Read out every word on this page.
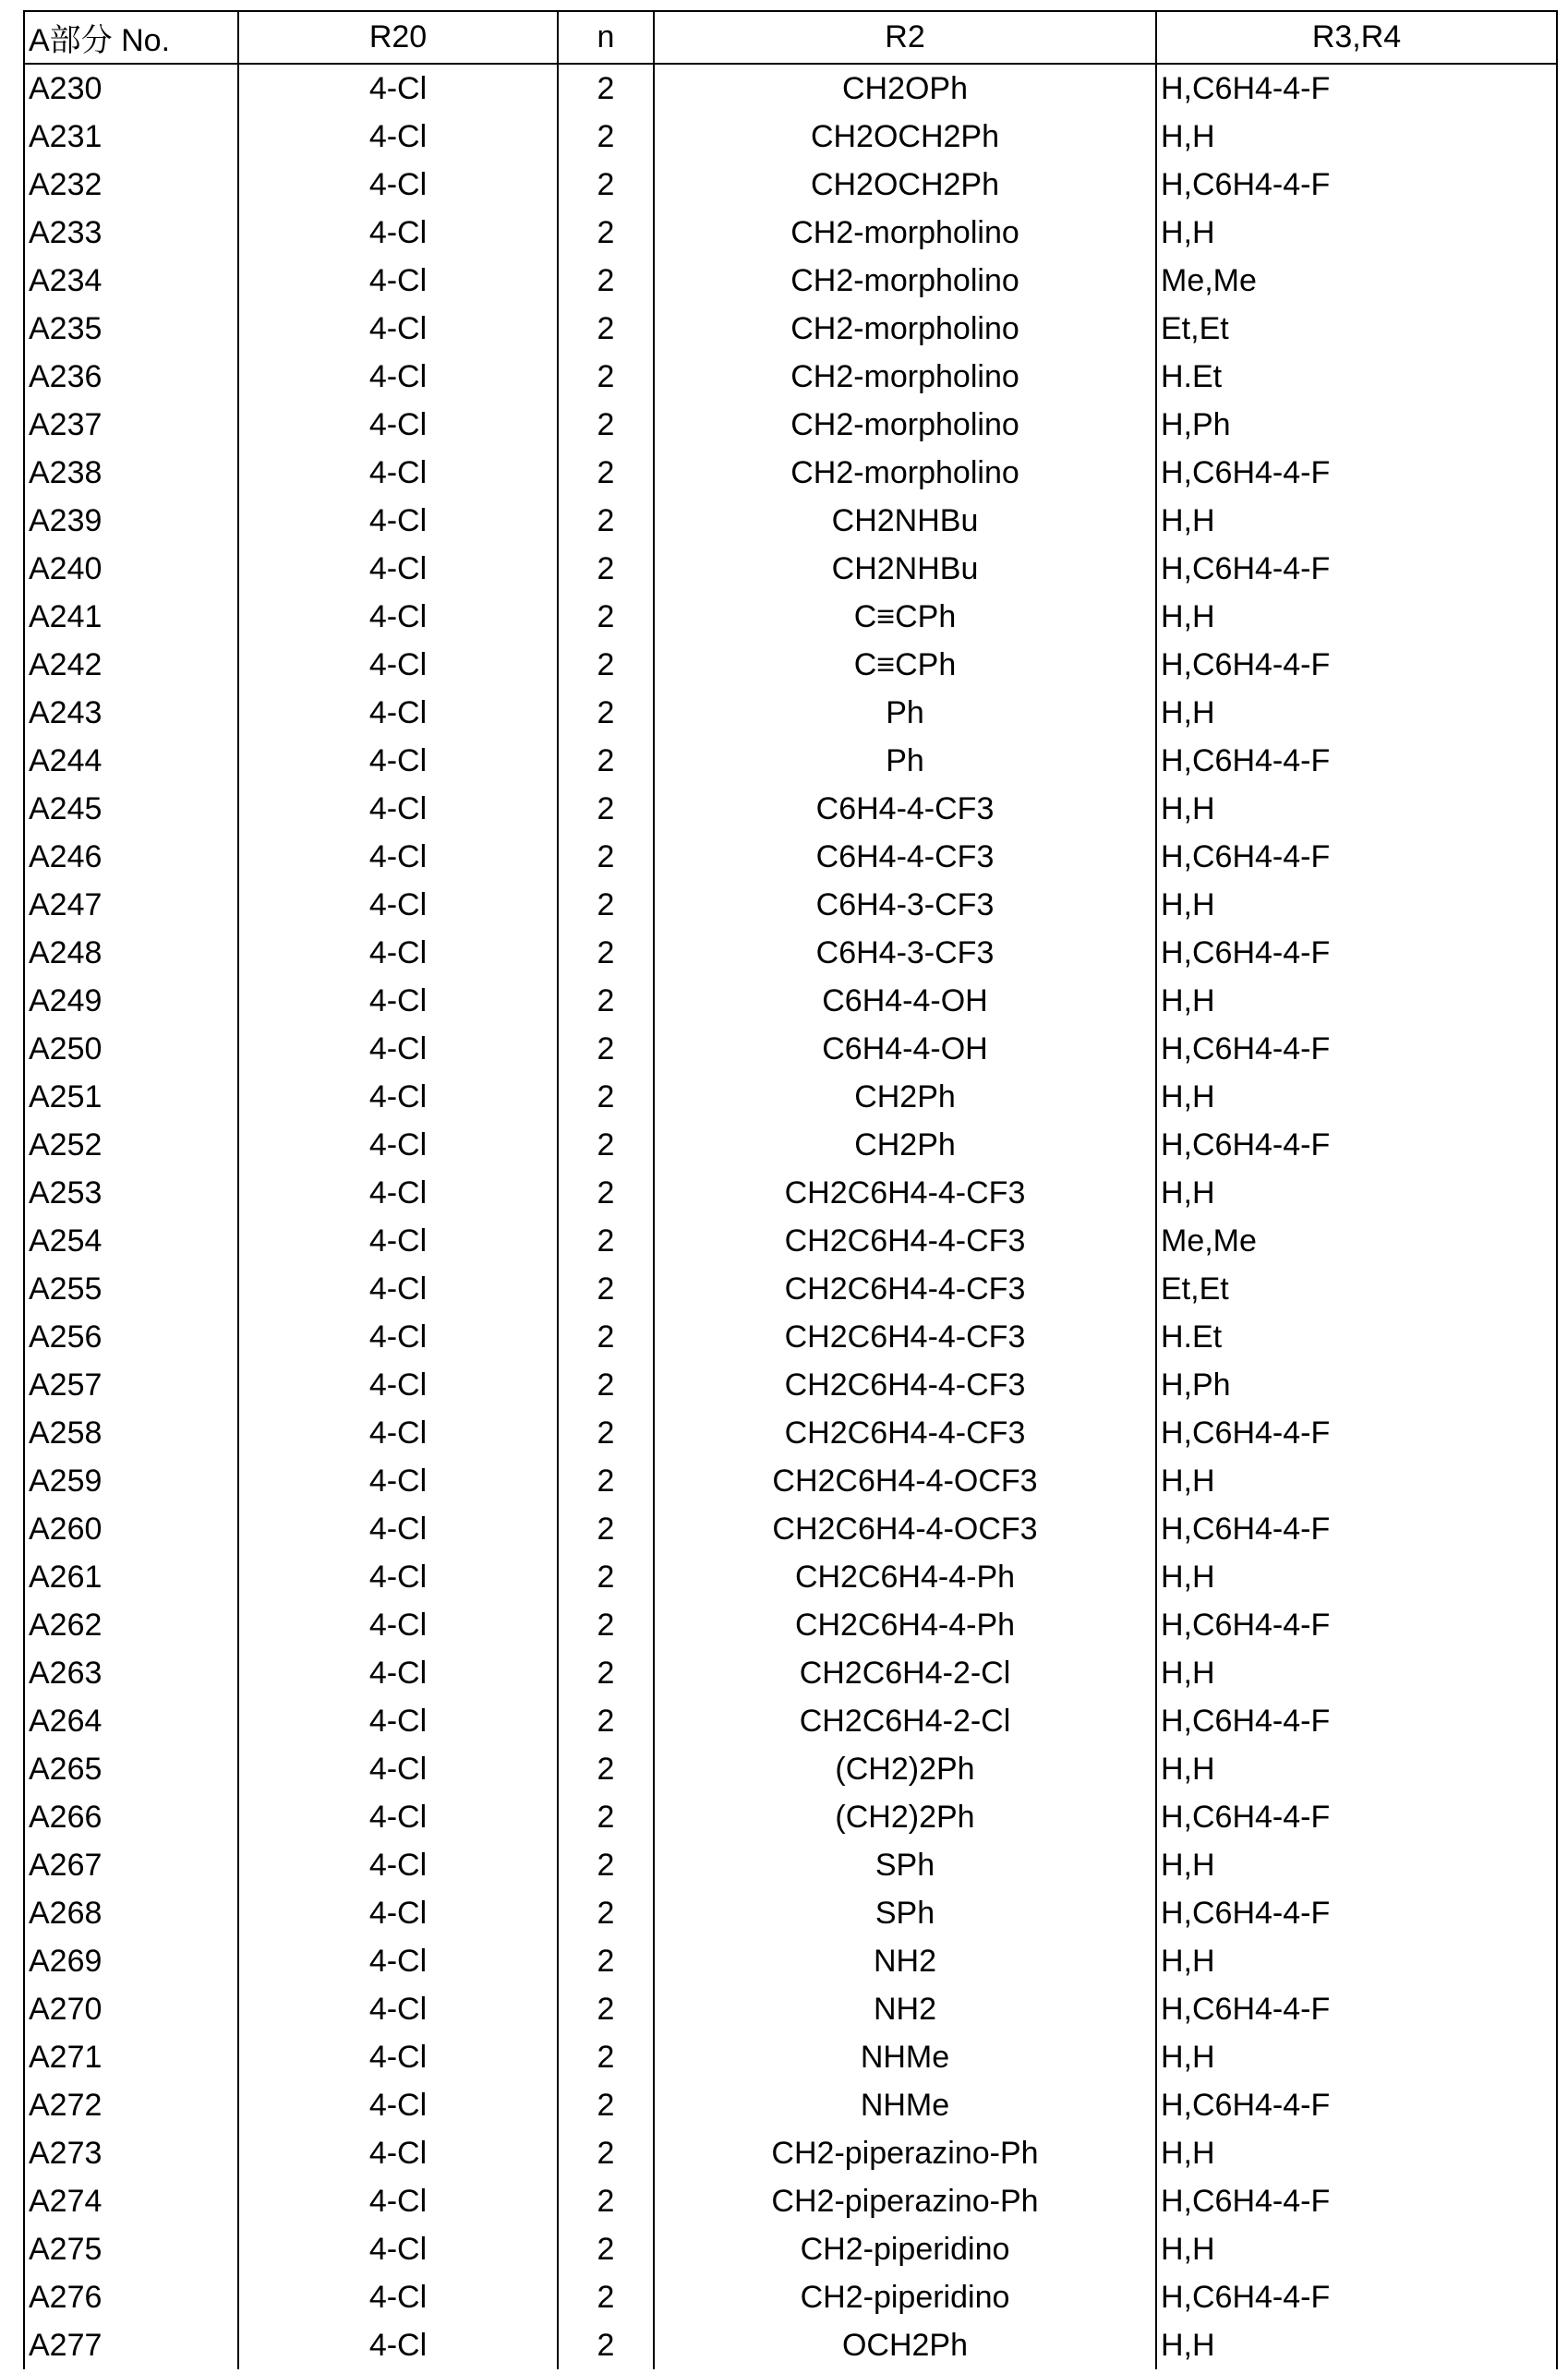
A部分 No.	R20	n	R2	R3,R4
A230	4-Cl	2	CH2OPh	H,C6H4-4-F
A231	4-Cl	2	CH2OCH2Ph	H,H
A232	4-Cl	2	CH2OCH2Ph	H,C6H4-4-F
A233	4-Cl	2	CH2-morpholino	H,H
A234	4-Cl	2	CH2-morpholino	Me,Me
A235	4-Cl	2	CH2-morpholino	Et,Et
A236	4-Cl	2	CH2-morpholino	H.Et
A237	4-Cl	2	CH2-morpholino	H,Ph
A238	4-Cl	2	CH2-morpholino	H,C6H4-4-F
A239	4-Cl	2	CH2NHBu	H,H
A240	4-Cl	2	CH2NHBu	H,C6H4-4-F
A241	4-Cl	2	C≡CPh	H,H
A242	4-Cl	2	C≡CPh	H,C6H4-4-F
A243	4-Cl	2	Ph	H,H
A244	4-Cl	2	Ph	H,C6H4-4-F
A245	4-Cl	2	C6H4-4-CF3	H,H
A246	4-Cl	2	C6H4-4-CF3	H,C6H4-4-F
A247	4-Cl	2	C6H4-3-CF3	H,H
A248	4-Cl	2	C6H4-3-CF3	H,C6H4-4-F
A249	4-Cl	2	C6H4-4-OH	H,H
A250	4-Cl	2	C6H4-4-OH	H,C6H4-4-F
A251	4-Cl	2	CH2Ph	H,H
A252	4-Cl	2	CH2Ph	H,C6H4-4-F
A253	4-Cl	2	CH2C6H4-4-CF3	H,H
A254	4-Cl	2	CH2C6H4-4-CF3	Me,Me
A255	4-Cl	2	CH2C6H4-4-CF3	Et,Et
A256	4-Cl	2	CH2C6H4-4-CF3	H.Et
A257	4-Cl	2	CH2C6H4-4-CF3	H,Ph
A258	4-Cl	2	CH2C6H4-4-CF3	H,C6H4-4-F
A259	4-Cl	2	CH2C6H4-4-OCF3	H,H
A260	4-Cl	2	CH2C6H4-4-OCF3	H,C6H4-4-F
A261	4-Cl	2	CH2C6H4-4-Ph	H,H
A262	4-Cl	2	CH2C6H4-4-Ph	H,C6H4-4-F
A263	4-Cl	2	CH2C6H4-2-Cl	H,H
A264	4-Cl	2	CH2C6H4-2-Cl	H,C6H4-4-F
A265	4-Cl	2	(CH2)2Ph	H,H
A266	4-Cl	2	(CH2)2Ph	H,C6H4-4-F
A267	4-Cl	2	SPh	H,H
A268	4-Cl	2	SPh	H,C6H4-4-F
A269	4-Cl	2	NH2	H,H
A270	4-Cl	2	NH2	H,C6H4-4-F
A271	4-Cl	2	NHMe	H,H
A272	4-Cl	2	NHMe	H,C6H4-4-F
A273	4-Cl	2	CH2-piperazino-Ph	H,H
A274	4-Cl	2	CH2-piperazino-Ph	H,C6H4-4-F
A275	4-Cl	2	CH2-piperidino	H,H
A276	4-Cl	2	CH2-piperidino	H,C6H4-4-F
A277	4-Cl	2	OCH2Ph	H,H
